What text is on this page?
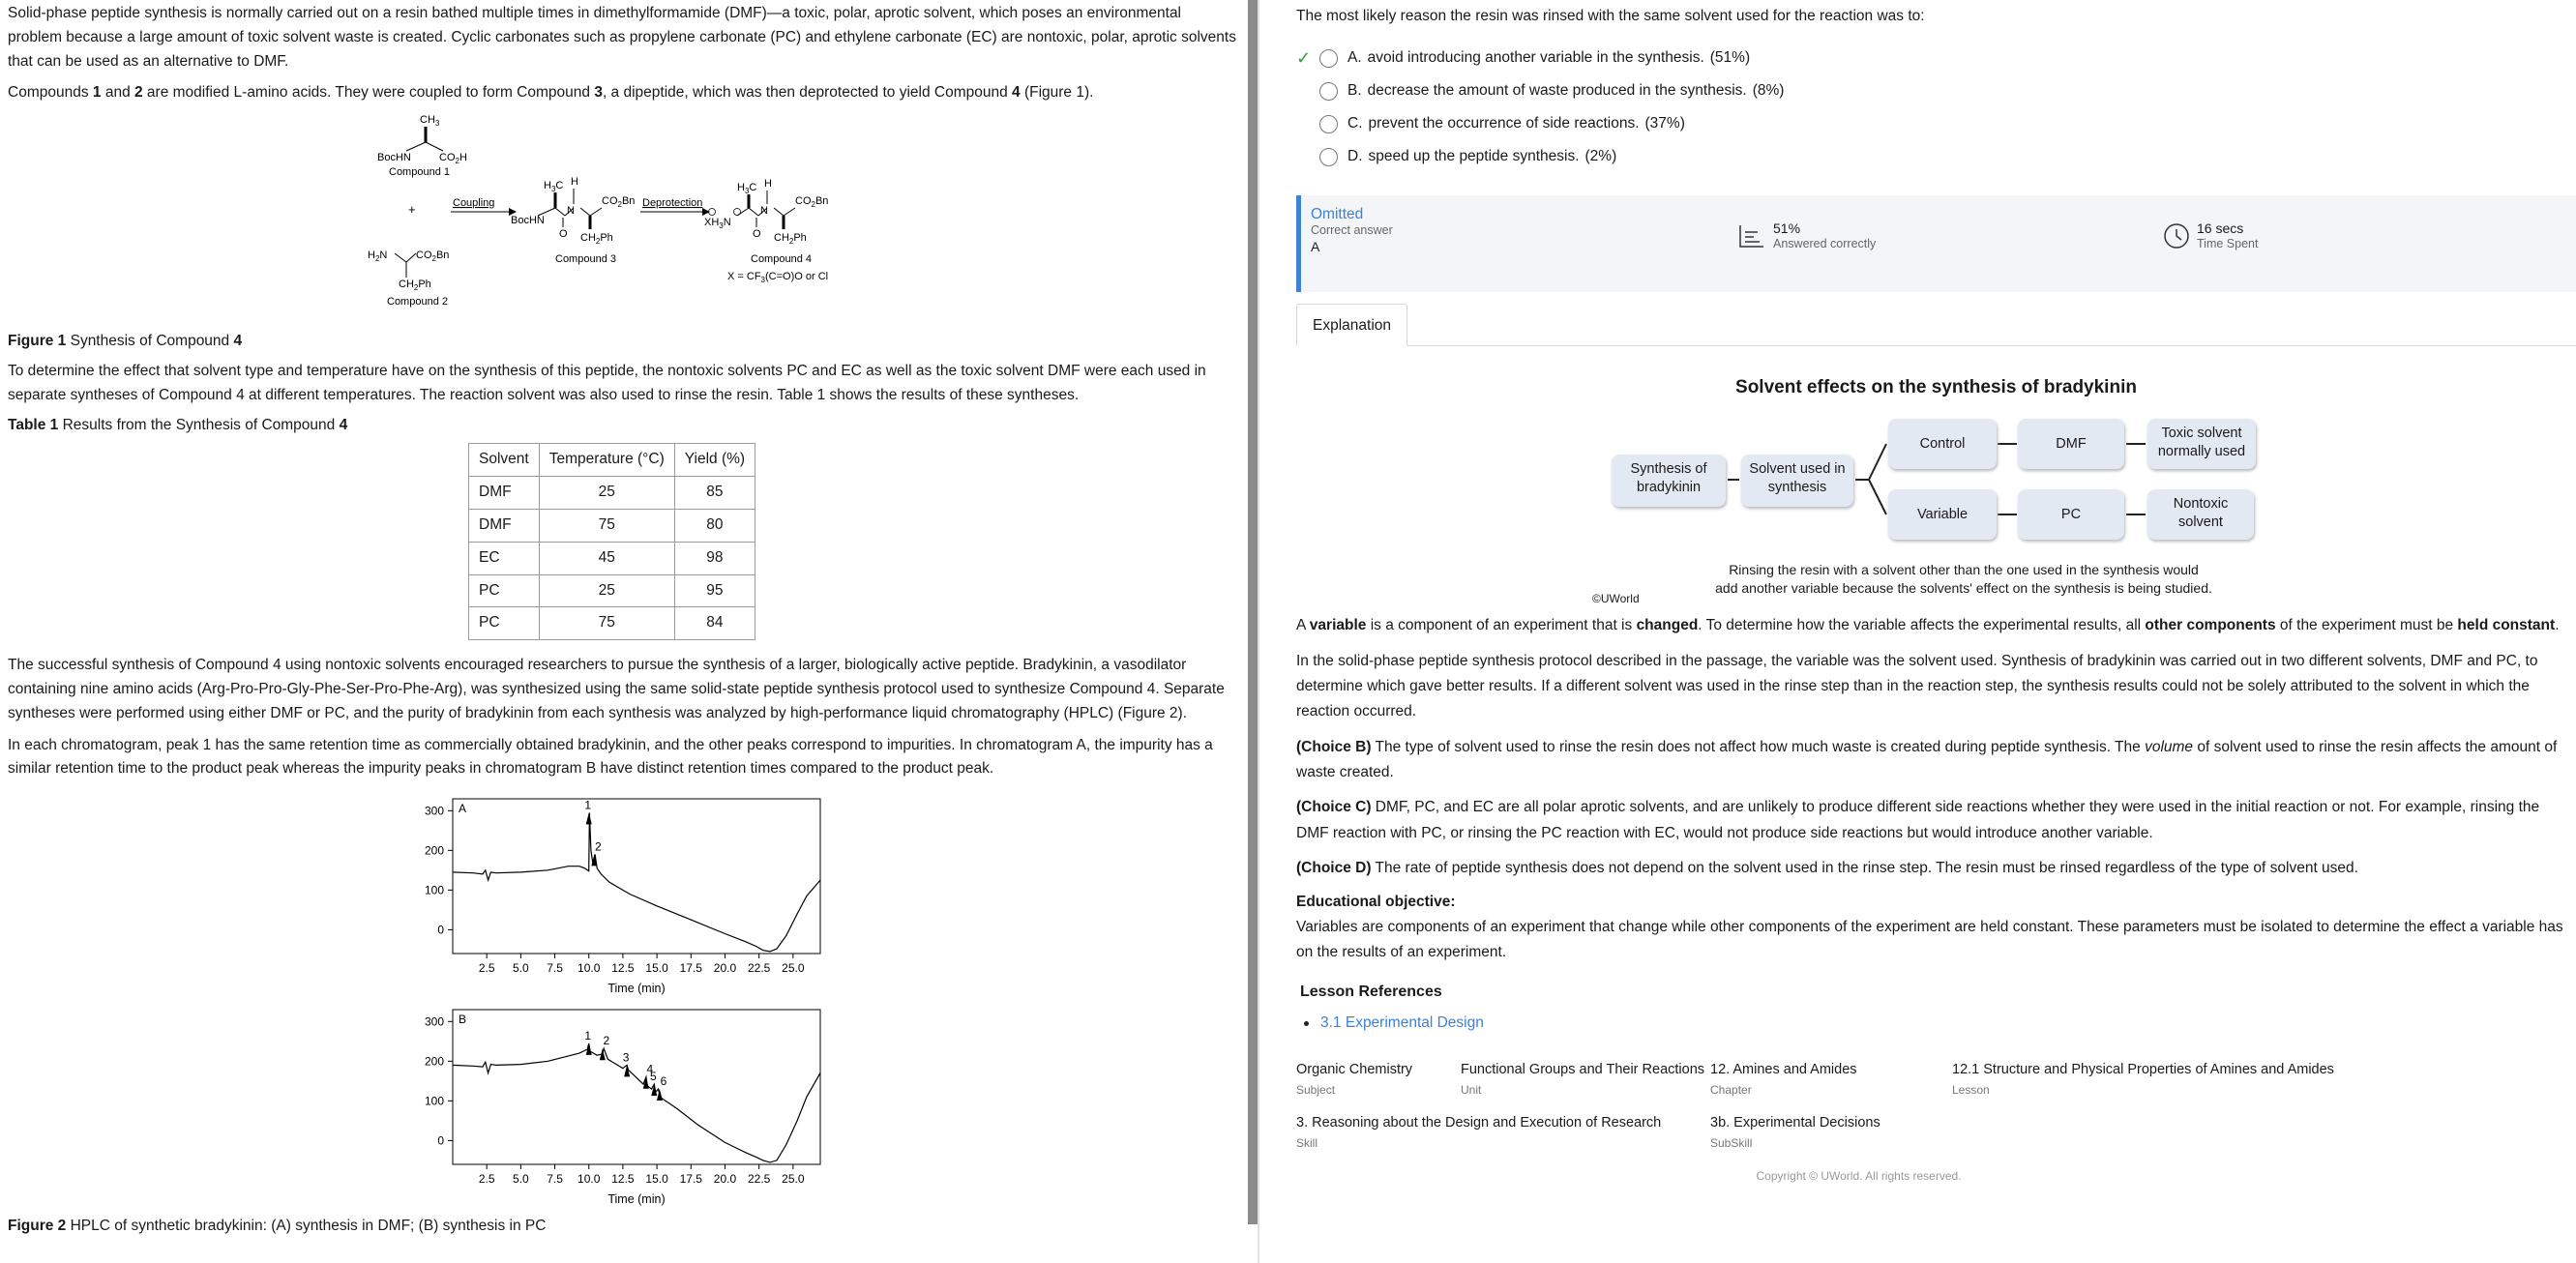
Solid-phase peptide synthesis is normally carried out on a resin bathed multiple times in dimethylformamide (DMF)—a toxic, polar, aprotic solvent, which poses an environmental problem because a large amount of toxic solvent waste is created. Cyclic carbonates such as propylene carbonate (PC) and ethylene carbonate (EC) are nontoxic, polar, aprotic solvents that can be used as an alternative to DMF.

Compounds 1 and 2 are modified L-amino acids. They were coupled to form Compound 3, a dipeptide, which was then deprotected to yield Compound 4 (Figure 1).

$CH_3$
BocHN	$CO_2H$
Compound 1
+
$H_2N$	$CO_2Bn$
$CH_2Ph$
Compound 2
Coupling
$H_3C$ H
N
$CO_2Bn$
BocHN
O $CH_2Ph$
Compound 3
Deprotection
$H_3C$ H
N
$CO_2Bn$
$XH_3N$
O $CH_2Ph$
Compound 4
$X = CF_3(C=O)O$ or Cl
Figure 1 Synthesis of Compound 4

To determine the effect that solvent type and temperature have on the synthesis of this peptide, the nontoxic solvents PC and EC as well as the toxic solvent DMF were each used in separate syntheses of Compound 4 at different temperatures. The reaction solvent was also used to rinse the resin. Table 1 shows the results of these syntheses.

Table 1 Results from the Synthesis of Compound 4
Solvent	Temperature (°C)	Yield (%)
DMF	25	85
DMF	75	80
EC	45	98
PC	25	95
PC	75	84

The successful synthesis of Compound 4 using nontoxic solvents encouraged researchers to pursue the synthesis of a larger, biologically active peptide. Bradykinin, a vasodilator containing nine amino acids (Arg-Pro-Pro-Gly-Phe-Ser-Pro-Phe-Arg), was synthesized using the same solid-state peptide synthesis protocol used to synthesize Compound 4. Separate syntheses were performed using either DMF or PC, and the purity of bradykinin from each synthesis was analyzed by high-performance liquid chromatography (HPLC) (Figure 2).

In each chromatogram, peak 1 has the same retention time as commercially obtained bradykinin, and the other peaks correspond to impurities. In chromatogram A, the impurity has a similar retention time to the product peak whereas the impurity peaks in chromatogram B have distinct retention times compared to the product peak.

A
300
200
100
0
2.5 5.0 7.5 10.0 12.5 15.0 17.5 20.0 22.5 25.0
Time (min)
1
2
B
300
200
100
0
2.5 5.0 7.5 10.0 12.5 15.0 17.5 20.0 22.5 25.0
Time (min)
1 2
3
4
5 6
Figure 2 HPLC of synthetic bradykinin: (A) synthesis in DMF; (B) synthesis in PC
The most likely reason the resin was rinsed with the same solvent used for the reaction was to:
✓	A. avoid introducing another variable in the synthesis. (51%)
B. decrease the amount of waste produced in the synthesis. (8%)
C. prevent the occurrence of side reactions. (37%)
D. speed up the peptide synthesis. (2%)
Omitted
Correct answer
A
51%
Answered correctly
16 secs
Time Spent
Explanation
Solvent effects on the synthesis of bradykinin
Synthesis of bradykinin
Solvent used in synthesis
Control	DMF
Toxic solvent normally used
Variable	PC
Nontoxic solvent
Rinsing the resin with a solvent other than the one used in the synthesis would
add another variable because the solvents' effect on the synthesis is being studied.
©UWorld
A variable is a component of an experiment that is changed. To determine how the variable affects the experimental results, all other components of the experiment must be held constant.
In the solid-phase peptide synthesis protocol described in the passage, the variable was the solvent used. Synthesis of bradykinin was carried out in two different solvents, DMF and PC, to determine which gave better results. If a different solvent was used in the rinse step than in the reaction step, the synthesis results could not be solely attributed to the solvent in which the reaction occurred.
(Choice B) The type of solvent used to rinse the resin does not affect how much waste is created during peptide synthesis. The volume of solvent used to rinse the resin affects the amount of waste created.
(Choice C) DMF, PC, and EC are all polar aprotic solvents, and are unlikely to produce different side reactions whether they were used in the initial reaction or not. For example, rinsing the DMF reaction with PC, or rinsing the PC reaction with EC, would not produce side reactions but would introduce another variable.
(Choice D) The rate of peptide synthesis does not depend on the solvent used in the rinse step. The resin must be rinsed regardless of the type of solvent used.
Educational objective:
Variables are components of an experiment that change while other components of the experiment are held constant. These parameters must be isolated to determine the effect a variable has on the results of an experiment.
Lesson References
3.1 Experimental Design
Organic Chemistry
Subject
Functional Groups and Their Reactions
Unit
12. Amines and Amides
Chapter
12.1 Structure and Physical Properties of Amines and Amides
Lesson
3. Reasoning about the Design and Execution of Research
Skill
3b. Experimental Decisions
SubSkill
Copyright © UWorld. All rights reserved.
